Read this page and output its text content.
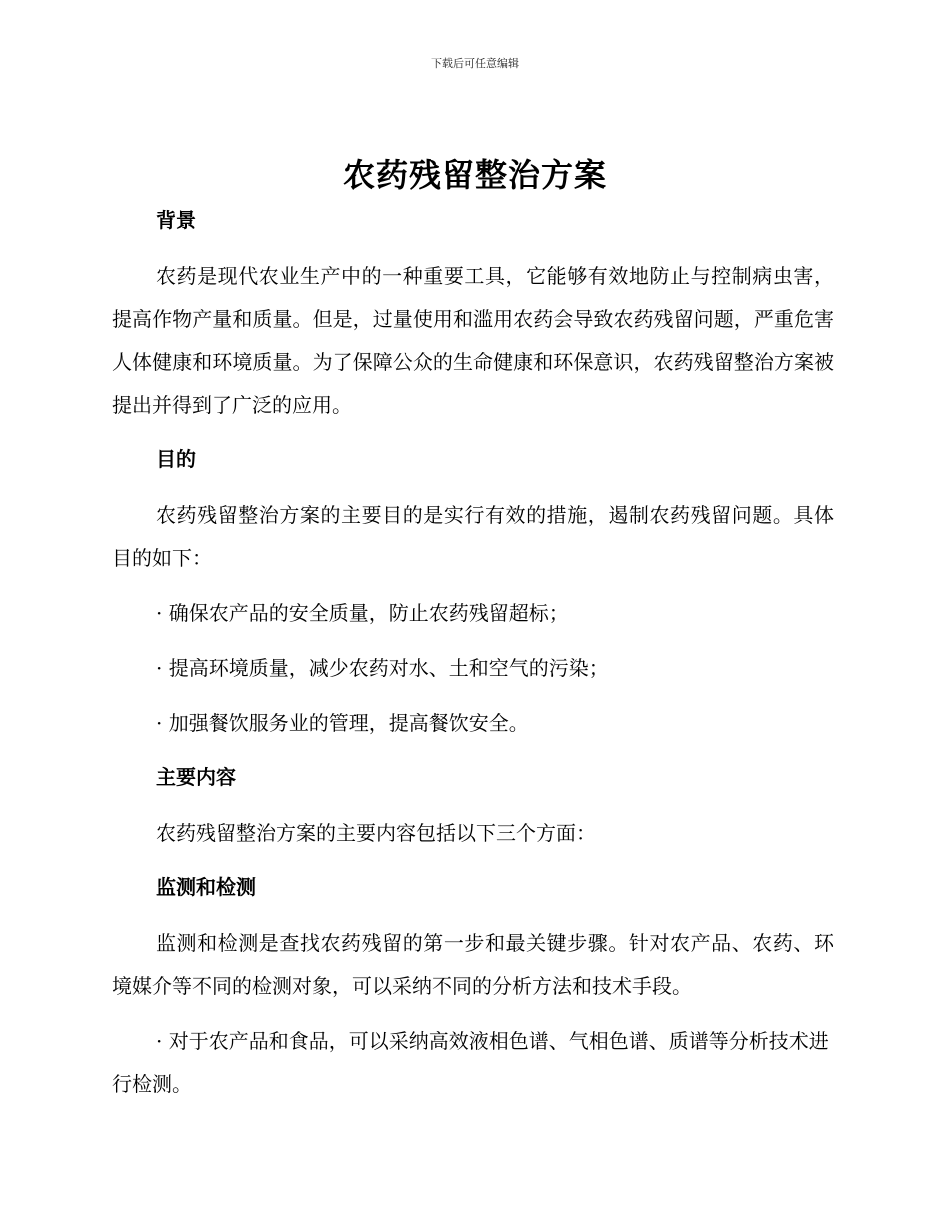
下载后可任意编辑
农药残留整治方案
背景

农药是现代农业生产中的一种重要工具，它能够有效地防止与控制病虫害，提高作物产量和质量。但是，过量使用和滥用农药会导致农药残留问题，严重危害人体健康和环境质量。为了保障公众的生命健康和环保意识，农药残留整治方案被提出并得到了广泛的应用。

目的

农药残留整治方案的主要目的是实行有效的措施，遏制农药残留问题。具体目的如下：

· 确保农产品的安全质量，防止农药残留超标；

· 提高环境质量，减少农药对水、土和空气的污染；

· 加强餐饮服务业的管理，提高餐饮安全。

主要内容

农药残留整治方案的主要内容包括以下三个方面：

监测和检测

监测和检测是查找农药残留的第一步和最关键步骤。针对农产品、农药、环境媒介等不同的检测对象，可以采纳不同的分析方法和技术手段。

· 对于农产品和食品，可以采纳高效液相色谱、气相色谱、质谱等分析技术进行检测。
